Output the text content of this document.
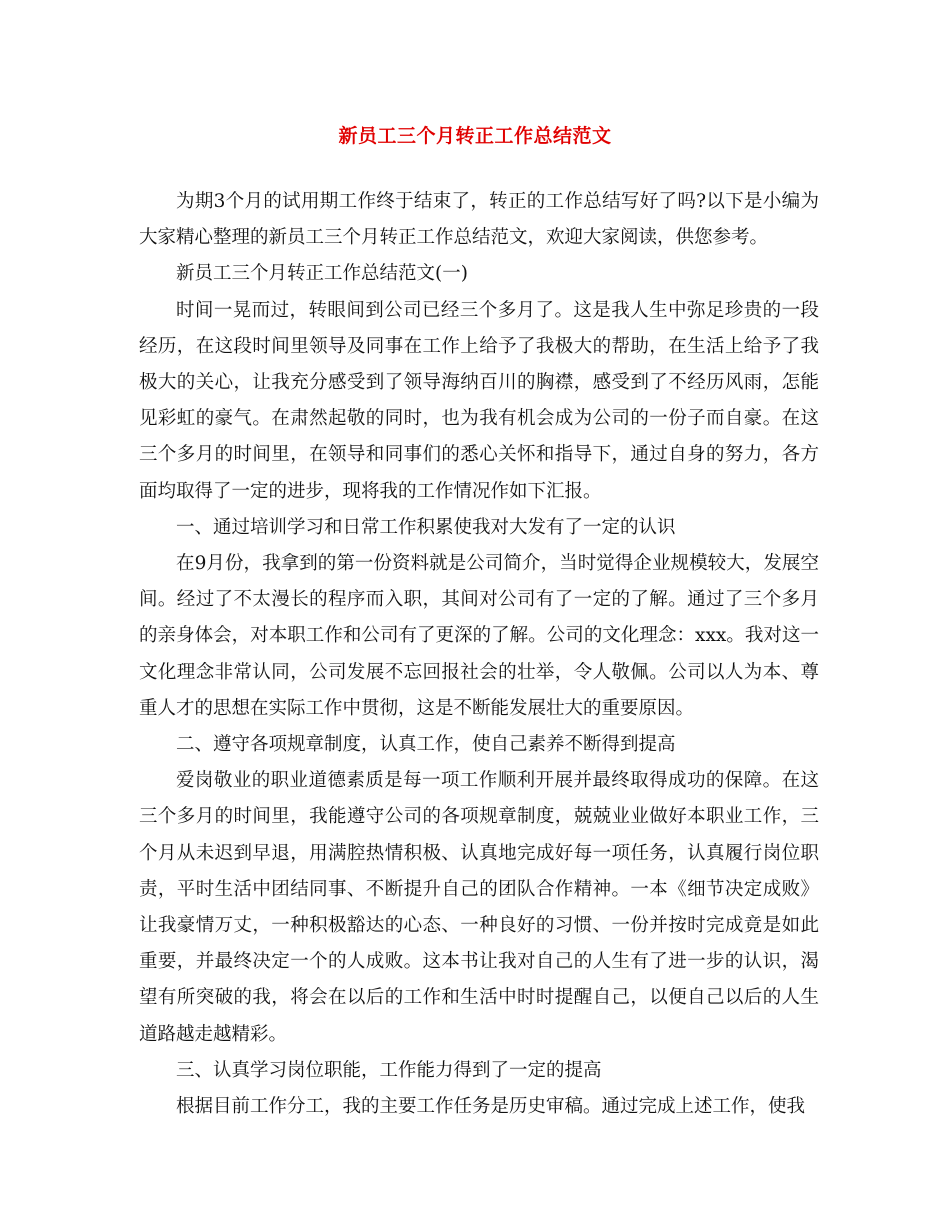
新员工三个月转正工作总结范文

为期3个月的试用期工作终于结束了，转正的工作总结写好了吗?以下是小编为大家精心整理的新员工三个月转正工作总结范文，欢迎大家阅读，供您参考。

新员工三个月转正工作总结范文(一)

时间一晃而过，转眼间到公司已经三个多月了。这是我人生中弥足珍贵的一段经历，在这段时间里领导及同事在工作上给予了我极大的帮助，在生活上给予了我极大的关心，让我充分感受到了领导海纳百川的胸襟，感受到了不经历风雨，怎能见彩虹的豪气。在肃然起敬的同时，也为我有机会成为公司的一份子而自豪。在这三个多月的时间里，在领导和同事们的悉心关怀和指导下，通过自身的努力，各方面均取得了一定的进步，现将我的工作情况作如下汇报。

一、通过培训学习和日常工作积累使我对大发有了一定的认识

在9月份，我拿到的第一份资料就是公司简介，当时觉得企业规模较大，发展空间。经过了不太漫长的程序而入职，其间对公司有了一定的了解。通过了三个多月的亲身体会，对本职工作和公司有了更深的了解。公司的文化理念：xxx。我对这一文化理念非常认同，公司发展不忘回报社会的壮举，令人敬佩。公司以人为本、尊重人才的思想在实际工作中贯彻，这是不断能发展壮大的重要原因。

二、遵守各项规章制度，认真工作，使自己素养不断得到提高

爱岗敬业的职业道德素质是每一项工作顺利开展并最终取得成功的保障。在这三个多月的时间里，我能遵守公司的各项规章制度，兢兢业业做好本职业工作，三个月从未迟到早退，用满腔热情积极、认真地完成好每一项任务，认真履行岗位职责，平时生活中团结同事、不断提升自己的团队合作精神。一本《细节决定成败》让我豪情万丈，一种积极豁达的心态、一种良好的习惯、一份并按时完成竟是如此重要，并最终决定一个的人成败。这本书让我对自己的人生有了进一步的认识，渴望有所突破的我，将会在以后的工作和生活中时时提醒自己，以便自己以后的人生道路越走越精彩。

三、认真学习岗位职能，工作能力得到了一定的提高

根据目前工作分工，我的主要工作任务是历史审稿。通过完成上述工作，使我
